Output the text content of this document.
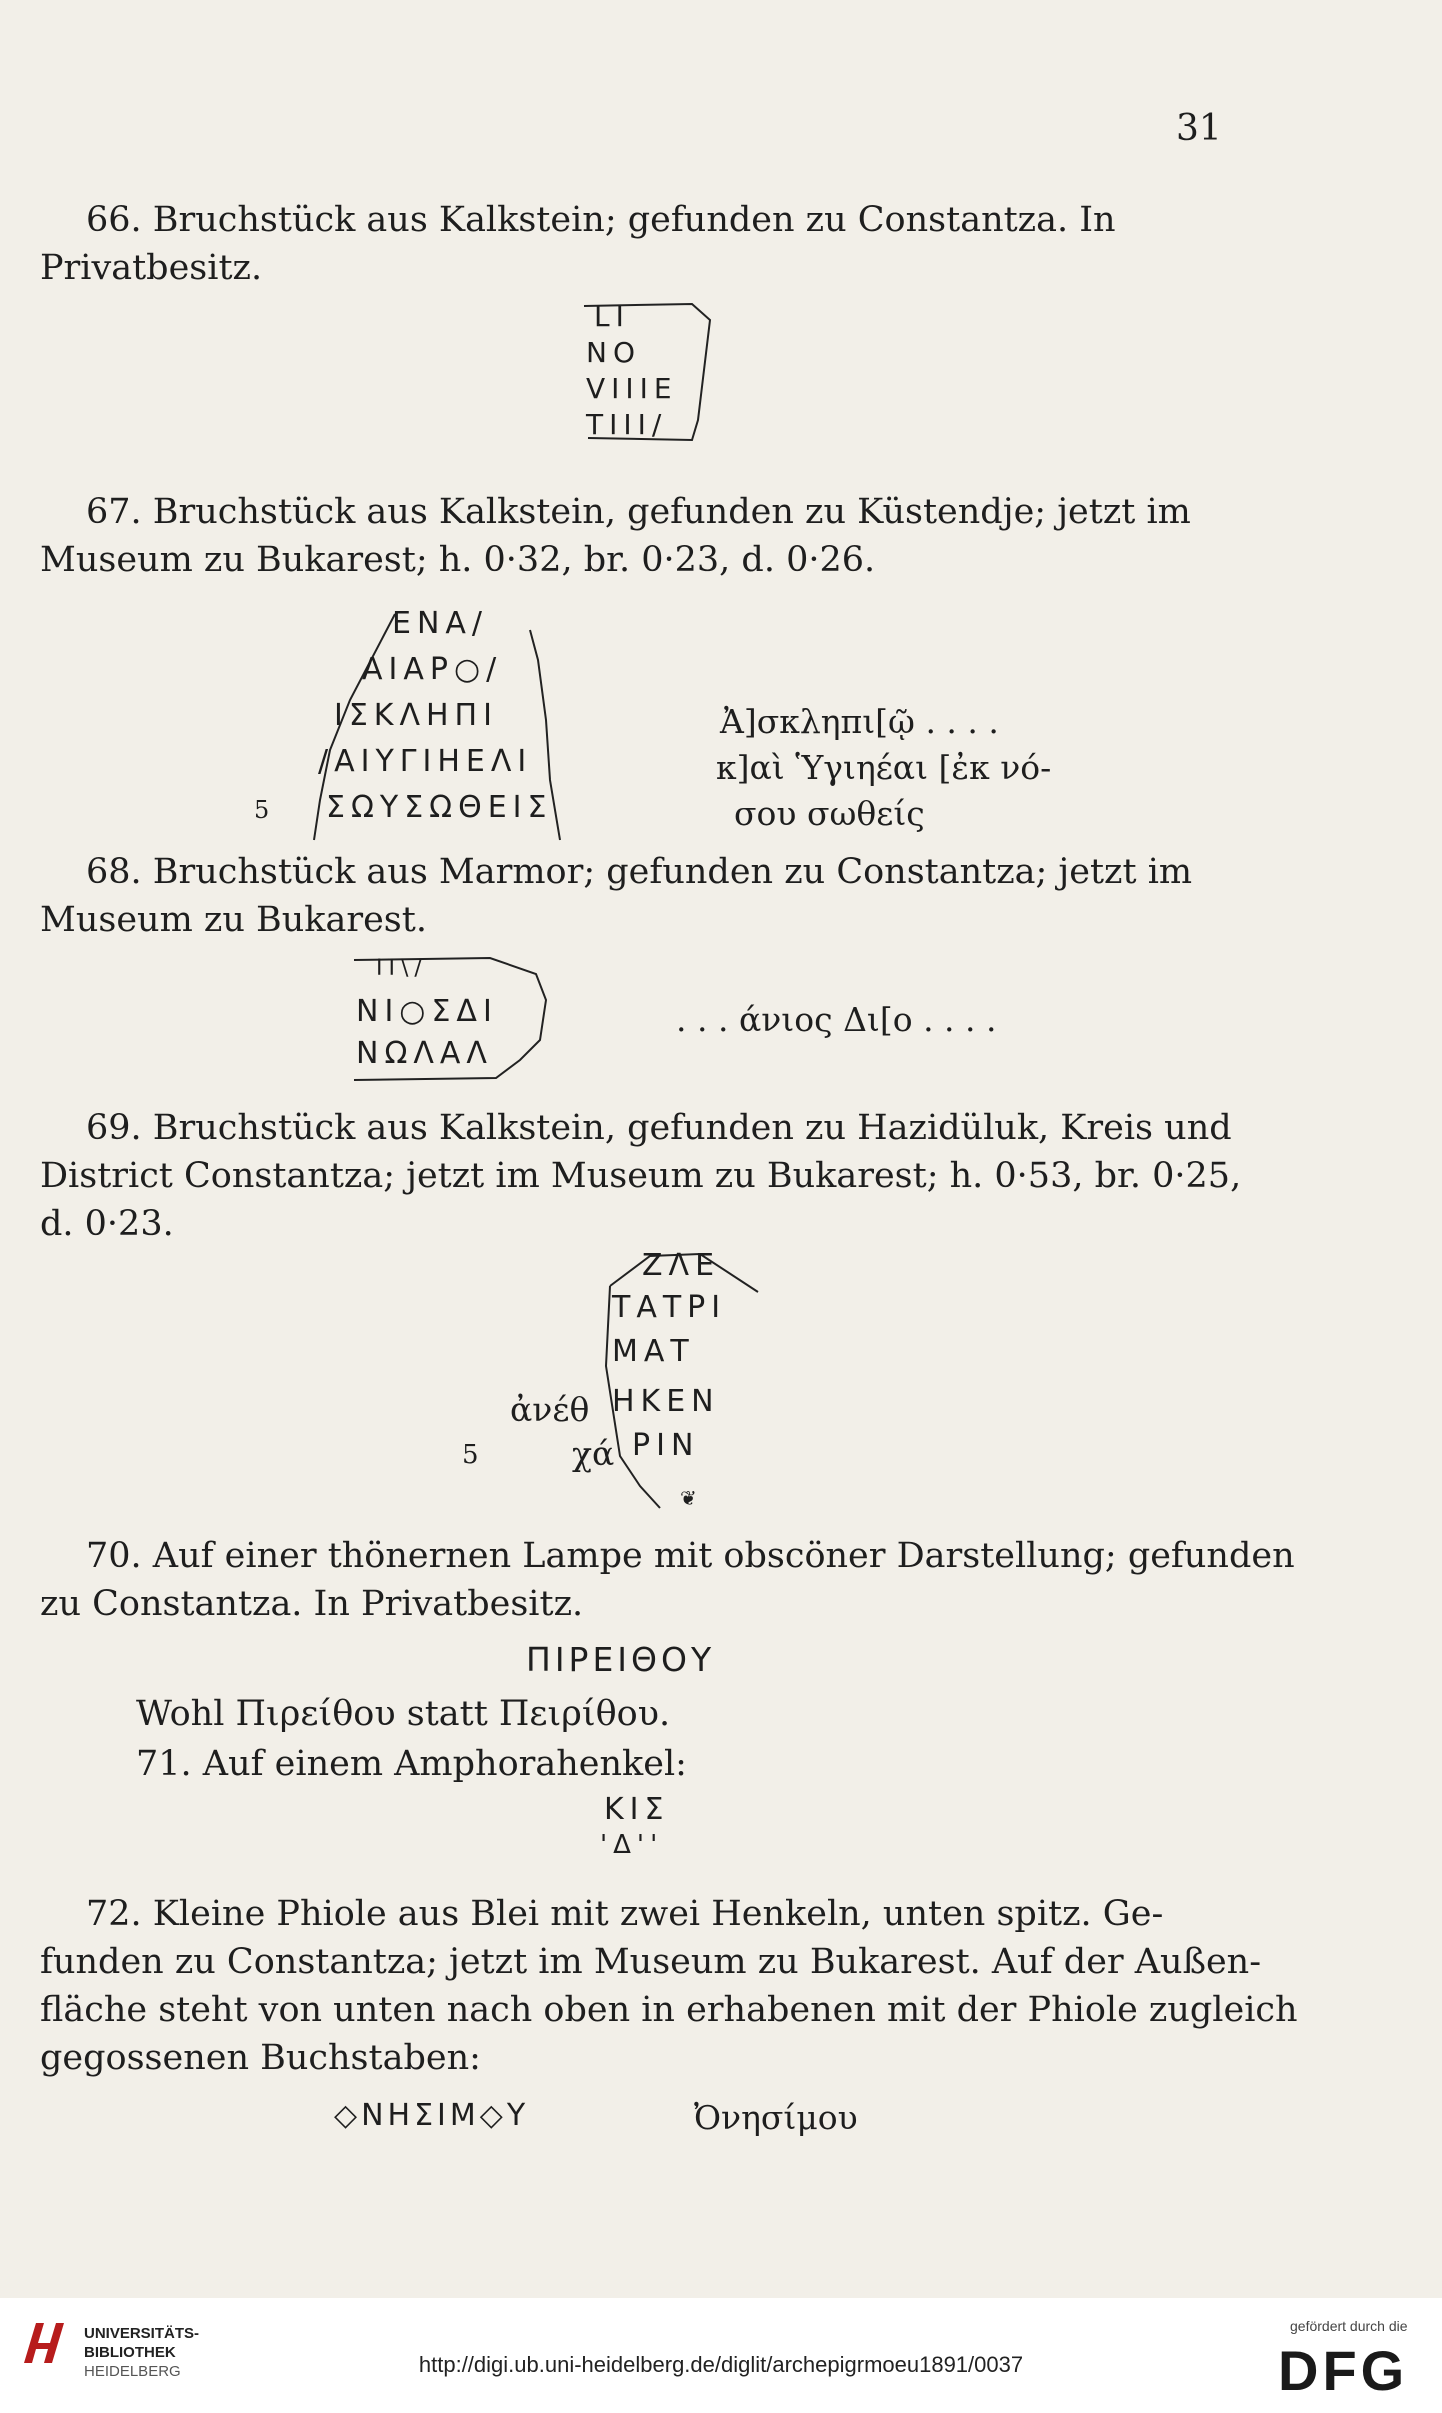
31
66. Bruchstück aus Kalkstein; gefunden zu Constantza. In
Privatbesitz.
LI
NO
VIIIE
TIII/
67. Bruchstück aus Kalkstein, gefunden zu Küstendje; jetzt im
Museum zu Bukarest; h. 0·32, br. 0·23, d. 0·26.
ΕΝΑ/
ΑΙΑΡ○/
ΙΣΚΛΗΠΙ
/ΑΙΥΓΙΗΕΛΙ
ΣΩΥΣΩΘΕΙΣ
5
Ἀ]σκληπι[ῷ . . . .
κ]αὶ Ὑγιηέαι [ἐκ νό-
σου σωθείς
68. Bruchstück aus Marmor; gefunden zu Constantza; jetzt im
Museum zu Bukarest.
ΙΙ\/
ΝΙ○ΣΔΙ
ΝΩΛΑΛ
. . . άνιος Δι[ο . . . .
69. Bruchstück aus Kalkstein, gefunden zu Hazidüluk, Kreis und
District Constantza; jetzt im Museum zu Bukarest; h. 0·53, br. 0·25,
d. 0·23.
ΖΛΕ
ΤΑΤΡΙ
ΜΑΤ
ΗΚΕΝ
ΡΙΝ
ἀνέθ
χά
5
❦
70. Auf einer thönernen Lampe mit obscöner Darstellung; gefunden
zu Constantza. In Privatbesitz.
ΠΙΡΕΙΘΟΥ
Wohl Πιρείθου statt Πειρίθου.
71. Auf einem Amphorahenkel:
ΚΙΣ
'Δ''
72. Kleine Phiole aus Blei mit zwei Henkeln, unten spitz. Ge-
funden zu Constantza; jetzt im Museum zu Bukarest. Auf der Außen-
fläche steht von unten nach oben in erhabenen mit der Phiole zugleich
gegossenen Buchstaben:
◇ΝΗΣΙΜ◇Υ	Ὀνησίμου
UNIVERSITÄTS-
BIBLIOTHEK
HEIDELBERG	http://digi.ub.uni-heidelberg.de/diglit/archepigrmoeu1891/0037
gefördert durch die
DFG
